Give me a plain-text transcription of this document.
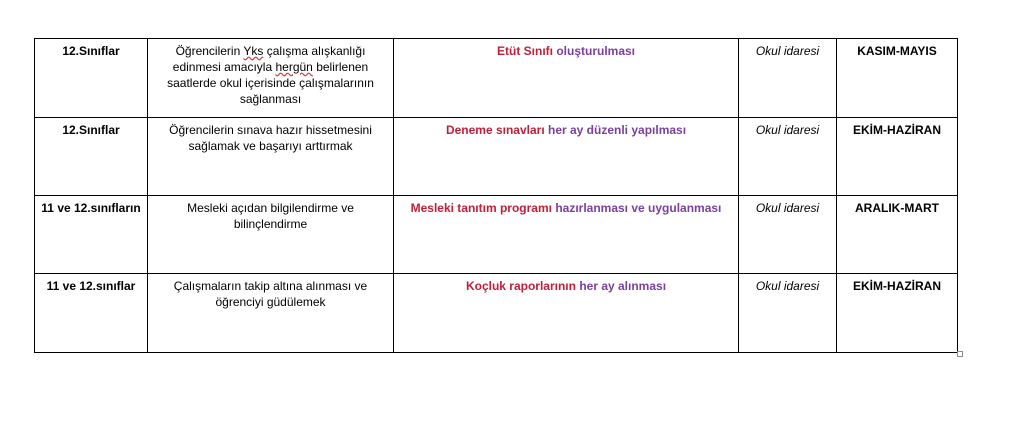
12.Sınıflar	Öğrencilerin Yks çalışma alışkanlığı edinmesi amacıyla hergün belirlenen saatlerde okul içerisinde çalışmalarının sağlanması	Etüt Sınıfı oluşturulması	Okul idaresi	KASIM-MAYIS
12.Sınıflar	Öğrencilerin sınava hazır hissetmesini sağlamak ve başarıyı arttırmak	Deneme sınavları her ay düzenli yapılması	Okul idaresi	EKİM-HAZİRAN
11 ve 12.sınıfların	Mesleki açıdan bilgilendirme ve bilinçlendirme	Mesleki tanıtım programı hazırlanması ve uygulanması	Okul idaresi	ARALIK-MART
11 ve 12.sınıflar	Çalışmaların takip altına alınması ve öğrenciyi güdülemek	Koçluk raporlarının her ay alınması	Okul idaresi	EKİM-HAZİRAN
